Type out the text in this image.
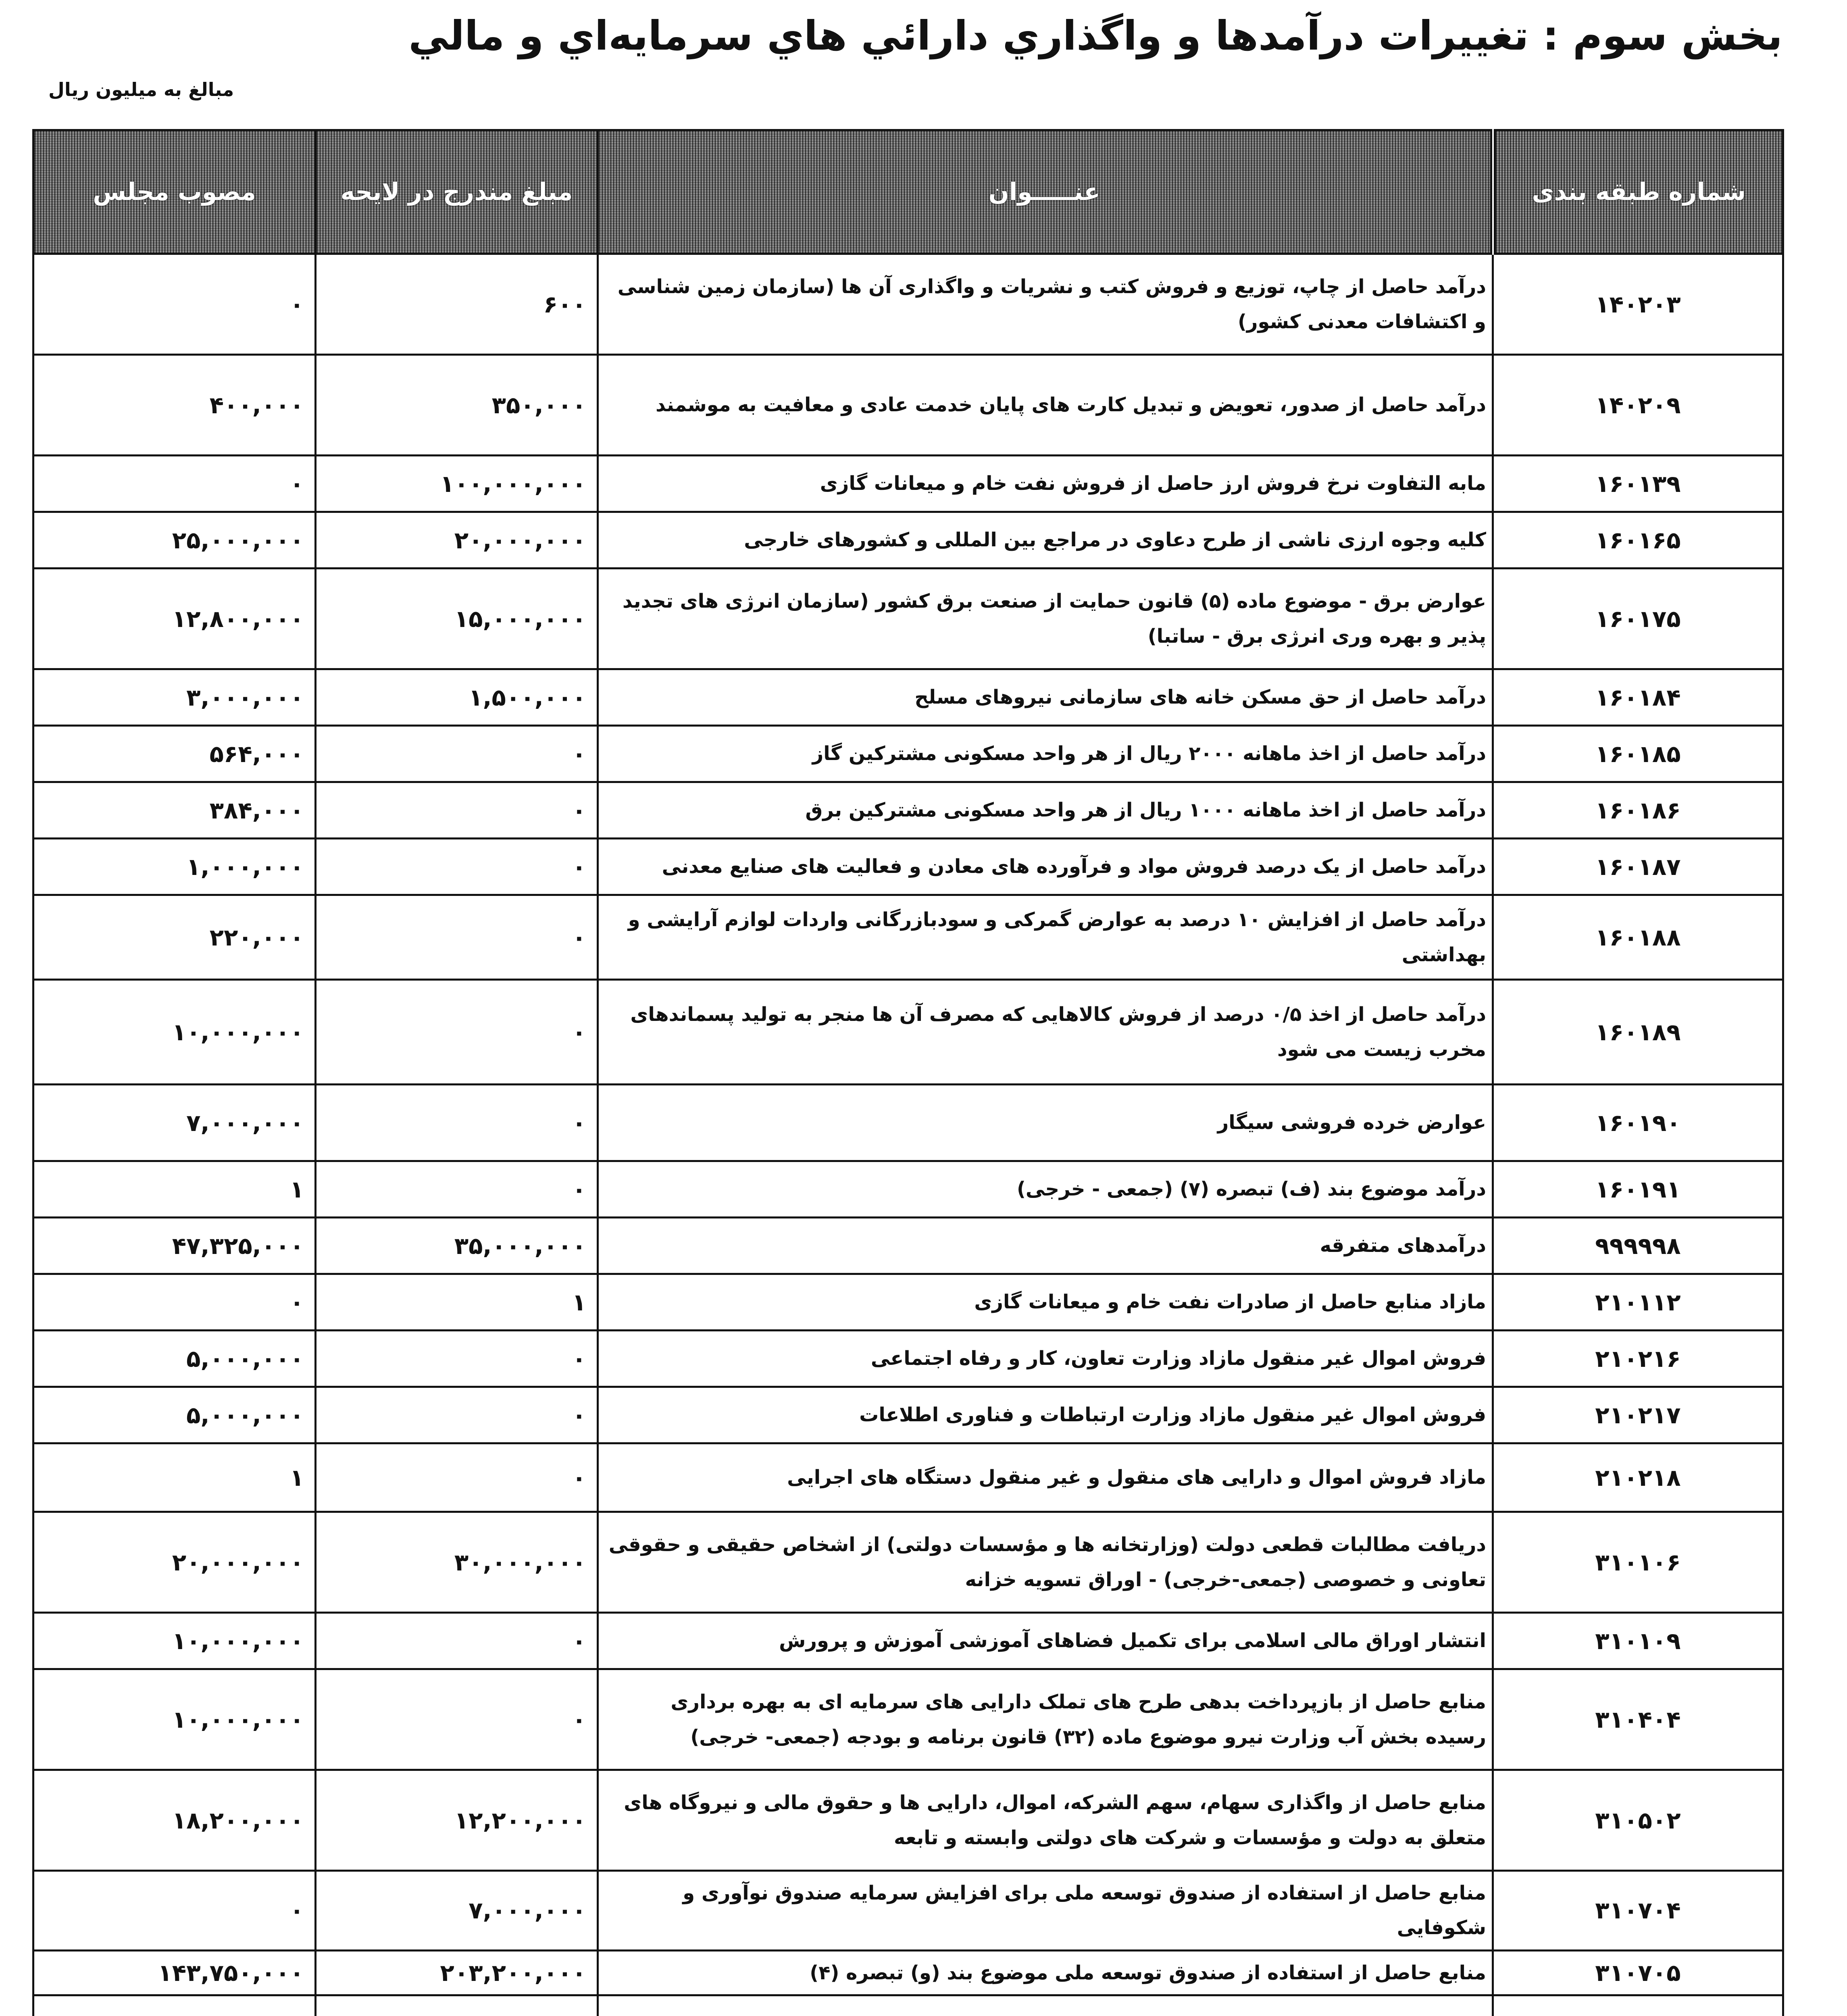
بخش سوم : تغییرات درآمدها و واگذاري دارائي هاي سرمايه‌اي و مالي
مبالغ به میلیون ریال
مصوب مجلس	مبلغ مندرج در لایحه	عنـــــوان	شماره طبقه بندی
۰	۶۰۰	درآمد حاصل از چاپ، توزیع و فروش کتب و نشریات و واگذاری آن ها (سازمان زمین شناسی و اکتشافات معدنی کشور)	۱۴۰۲۰۳
۴۰۰,۰۰۰	۳۵۰,۰۰۰	درآمد حاصل از صدور، تعویض و تبدیل کارت های پایان خدمت عادی و معافیت به موشمند	۱۴۰۲۰۹
۰	۱۰۰,۰۰۰,۰۰۰	مابه التفاوت نرخ فروش ارز حاصل از فروش نفت خام و میعانات گازی	۱۶۰۱۳۹
۲۵,۰۰۰,۰۰۰	۲۰,۰۰۰,۰۰۰	کلیه وجوه ارزی ناشی از طرح دعاوی در مراجع بین المللی و کشورهای خارجی	۱۶۰۱۶۵
۱۲,۸۰۰,۰۰۰	۱۵,۰۰۰,۰۰۰	عوارض برق - موضوع ماده (۵) قانون حمایت از صنعت برق کشور (سازمان انرژی های تجدید پذیر و بهره وری انرژی برق - ساتبا)	۱۶۰۱۷۵
۳,۰۰۰,۰۰۰	۱,۵۰۰,۰۰۰	درآمد حاصل از حق مسکن خانه های سازمانی نیروهای مسلح	۱۶۰۱۸۴
۵۶۴,۰۰۰	۰	درآمد حاصل از اخذ ماهانه ۲۰۰۰ ریال از هر واحد مسکونی مشترکین گاز	۱۶۰۱۸۵
۳۸۴,۰۰۰	۰	درآمد حاصل از اخذ ماهانه ۱۰۰۰ ریال از هر واحد مسکونی مشترکین برق	۱۶۰۱۸۶
۱,۰۰۰,۰۰۰	۰	درآمد حاصل از یک درصد فروش مواد و فرآورده های معادن و فعالیت های صنایع معدنی	۱۶۰۱۸۷
۲۲۰,۰۰۰	۰	درآمد حاصل از افزایش ۱۰ درصد به عوارض گمرکی و سودبازرگانی واردات لوازم آرایشی و بهداشتی	۱۶۰۱۸۸
۱۰,۰۰۰,۰۰۰	۰	درآمد حاصل از اخذ ۰/۵ درصد از فروش کالاهایی که مصرف آن ها منجر به تولید پسماندهای مخرب زیست می شود	۱۶۰۱۸۹
۷,۰۰۰,۰۰۰	۰	عوارض خرده فروشی سیگار	۱۶۰۱۹۰
۱	۰	درآمد موضوع بند (ف) تبصره (۷) (جمعی - خرجی)	۱۶۰۱۹۱
۴۷,۳۲۵,۰۰۰	۳۵,۰۰۰,۰۰۰	درآمدهای متفرقه	۹۹۹۹۹۸
۰	۱	مازاد منابع حاصل از صادرات نفت خام و میعانات گازی	۲۱۰۱۱۲
۵,۰۰۰,۰۰۰	۰	فروش اموال غیر منقول مازاد وزارت تعاون، کار و رفاه اجتماعی	۲۱۰۲۱۶
۵,۰۰۰,۰۰۰	۰	فروش اموال غیر منقول مازاد وزارت ارتباطات و فناوری اطلاعات	۲۱۰۲۱۷
۱	۰	مازاد فروش اموال و دارایی های منقول و غیر منقول دستگاه های اجرایی	۲۱۰۲۱۸
۲۰,۰۰۰,۰۰۰	۳۰,۰۰۰,۰۰۰	دریافت مطالبات قطعی دولت (وزارتخانه ها و مؤسسات دولتی) از اشخاص حقیقی و حقوقی تعاونی و خصوصی (جمعی-خرجی) - اوراق تسویه خزانه	۳۱۰۱۰۶
۱۰,۰۰۰,۰۰۰	۰	انتشار اوراق مالی اسلامی برای تکمیل فضاهای آموزشی آموزش و پرورش	۳۱۰۱۰۹
۱۰,۰۰۰,۰۰۰	۰	منابع حاصل از بازپرداخت بدهی طرح های تملک دارایی های سرمایه ای به بهره برداری رسیده بخش آب وزارت نیرو موضوع ماده (۳۲) قانون برنامه و بودجه (جمعی- خرجی)	۳۱۰۴۰۴
۱۸,۲۰۰,۰۰۰	۱۲,۲۰۰,۰۰۰	منابع حاصل از واگذاری سهام، سهم الشرکه، اموال، دارایی ها و حقوق مالی و نیروگاه های متعلق به دولت و مؤسسات و شرکت های دولتی وابسته و تابعه	۳۱۰۵۰۲
۰	۷,۰۰۰,۰۰۰	منابع حاصل از استفاده از صندوق توسعه ملی برای افزایش سرمایه صندوق نوآوری و شکوفایی	۳۱۰۷۰۴
۱۴۳,۷۵۰,۰۰۰	۲۰۳,۲۰۰,۰۰۰	منابع حاصل از استفاده از صندوق توسعه ملی موضوع بند (و) تبصره (۴)	۳۱۰۷۰۵
